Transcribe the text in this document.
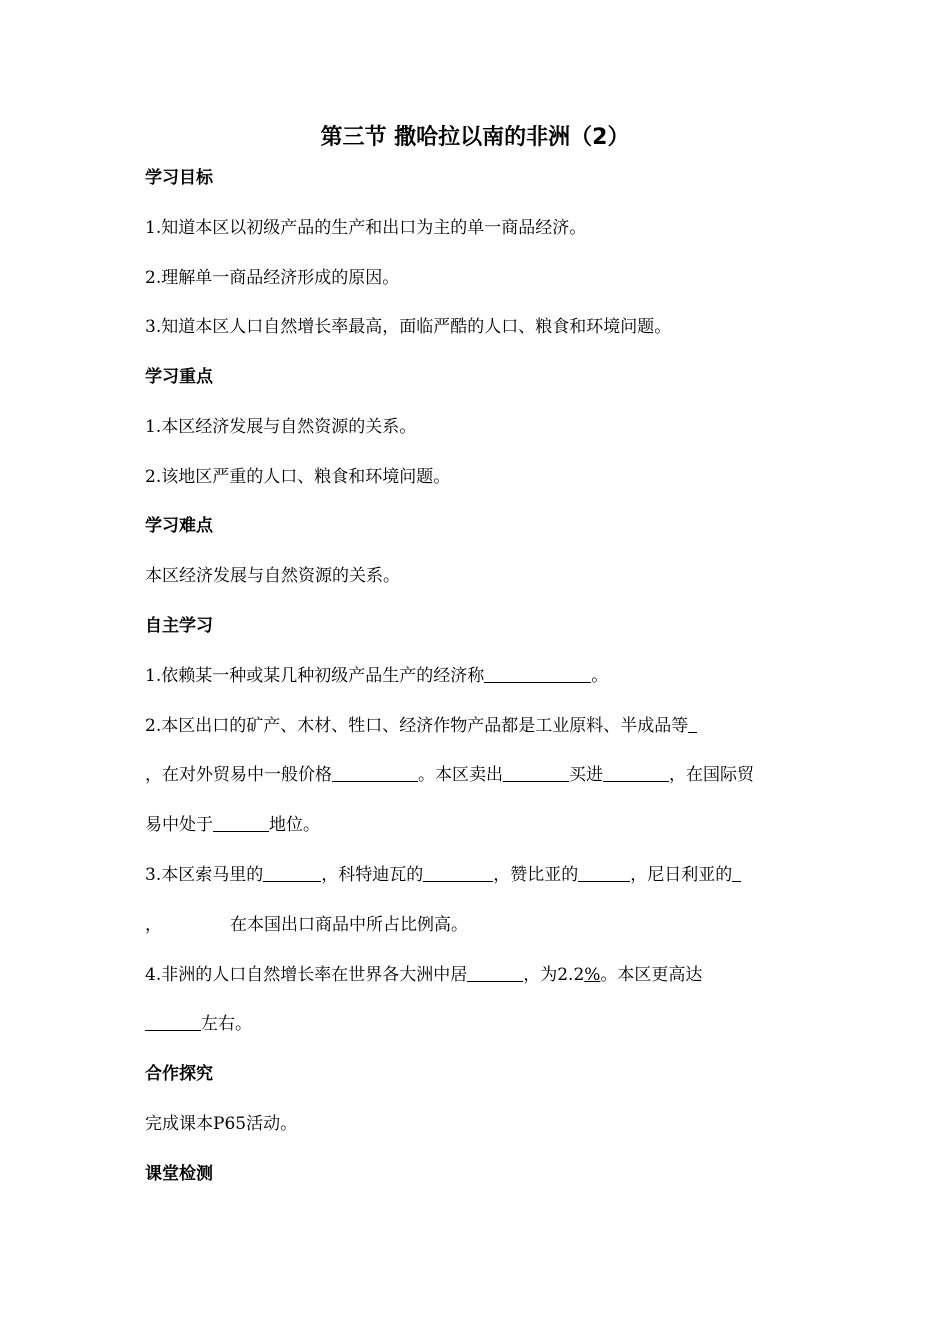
第三节 撒哈拉以南的非洲（2）
学习目标
1.知道本区以初级产品的生产和出口为主的单一商品经济。
2.理解单一商品经济形成的原因。
3.知道本区人口自然增长率最高，面临严酷的人口、粮食和环境问题。
学习重点
1.本区经济发展与自然资源的关系。
2.该地区严重的人口、粮食和环境问题。
学习难点
本区经济发展与自然资源的关系。
自主学习
1.依赖某一种或某几种初级产品生产的经济称	。
2.本区出口的矿产、木材、牲口、经济作物产品都是工业原料、半成品等
，在对外贸易中一般价格	。本区卖出	买进	，在国际贸
易中处于	地位。
3.本区索马里的	，科特迪瓦的	，赞比亚的	，尼日利亚的
，	在本国出口商品中所占比例高。
4.非洲的人口自然增长率在世界各大洲中居	，为2.2%。本区更高达
左右。
合作探究
完成课本P65活动。
课堂检测
